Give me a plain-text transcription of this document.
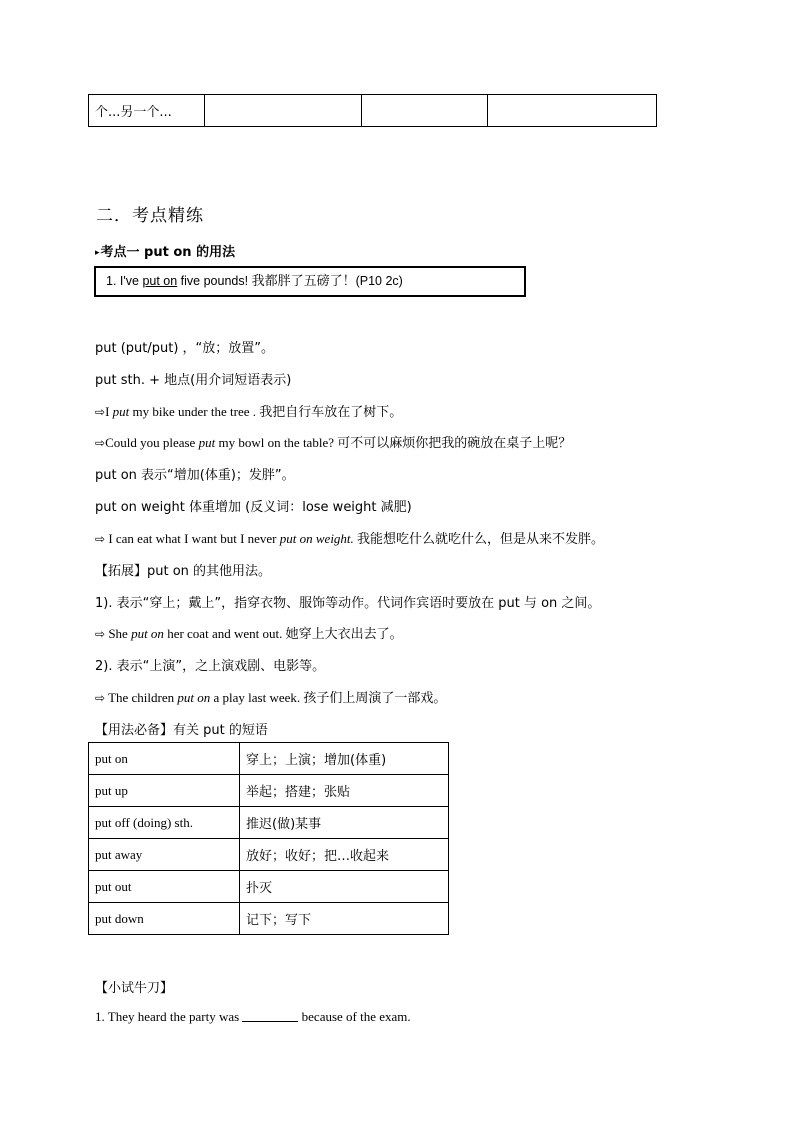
个...另一个...			
二．考点精练
▸考点一 put on 的用法
1. I've put on five pounds! 我都胖了五磅了！(P10 2c)
put (put/put) ，“放；放置”。
put sth. + 地点(用介词短语表示)
⇨I put my bike under the tree . 我把自行车放在了树下。
⇨Could you please put my bowl on the table? 可不可以麻烦你把我的碗放在桌子上呢？
put on 表示“增加(体重)；发胖”。
put on weight 体重增加 (反义词：lose weight 减肥)
⇨ I can eat what I want but I never put on weight. 我能想吃什么就吃什么，但是从来不发胖。
【拓展】put on 的其他用法。
1). 表示“穿上；戴上”，指穿衣物、服饰等动作。代词作宾语时要放在 put 与 on 之间。
⇨ She put on her coat and went out. 她穿上大衣出去了。
2). 表示“上演”，之上演戏剧、电影等。
⇨ The children put on a play last week. 孩子们上周演了一部戏。
【用法必备】有关 put 的短语
put on	穿上；上演；增加(体重)
put up	举起；搭建；张贴
put off (doing) sth.	推迟(做)某事
put away	放好；收好；把…收起来
put out	扑灭
put down	记下；写下
【小试牛刀】
1. They heard the party was	because of the exam.
